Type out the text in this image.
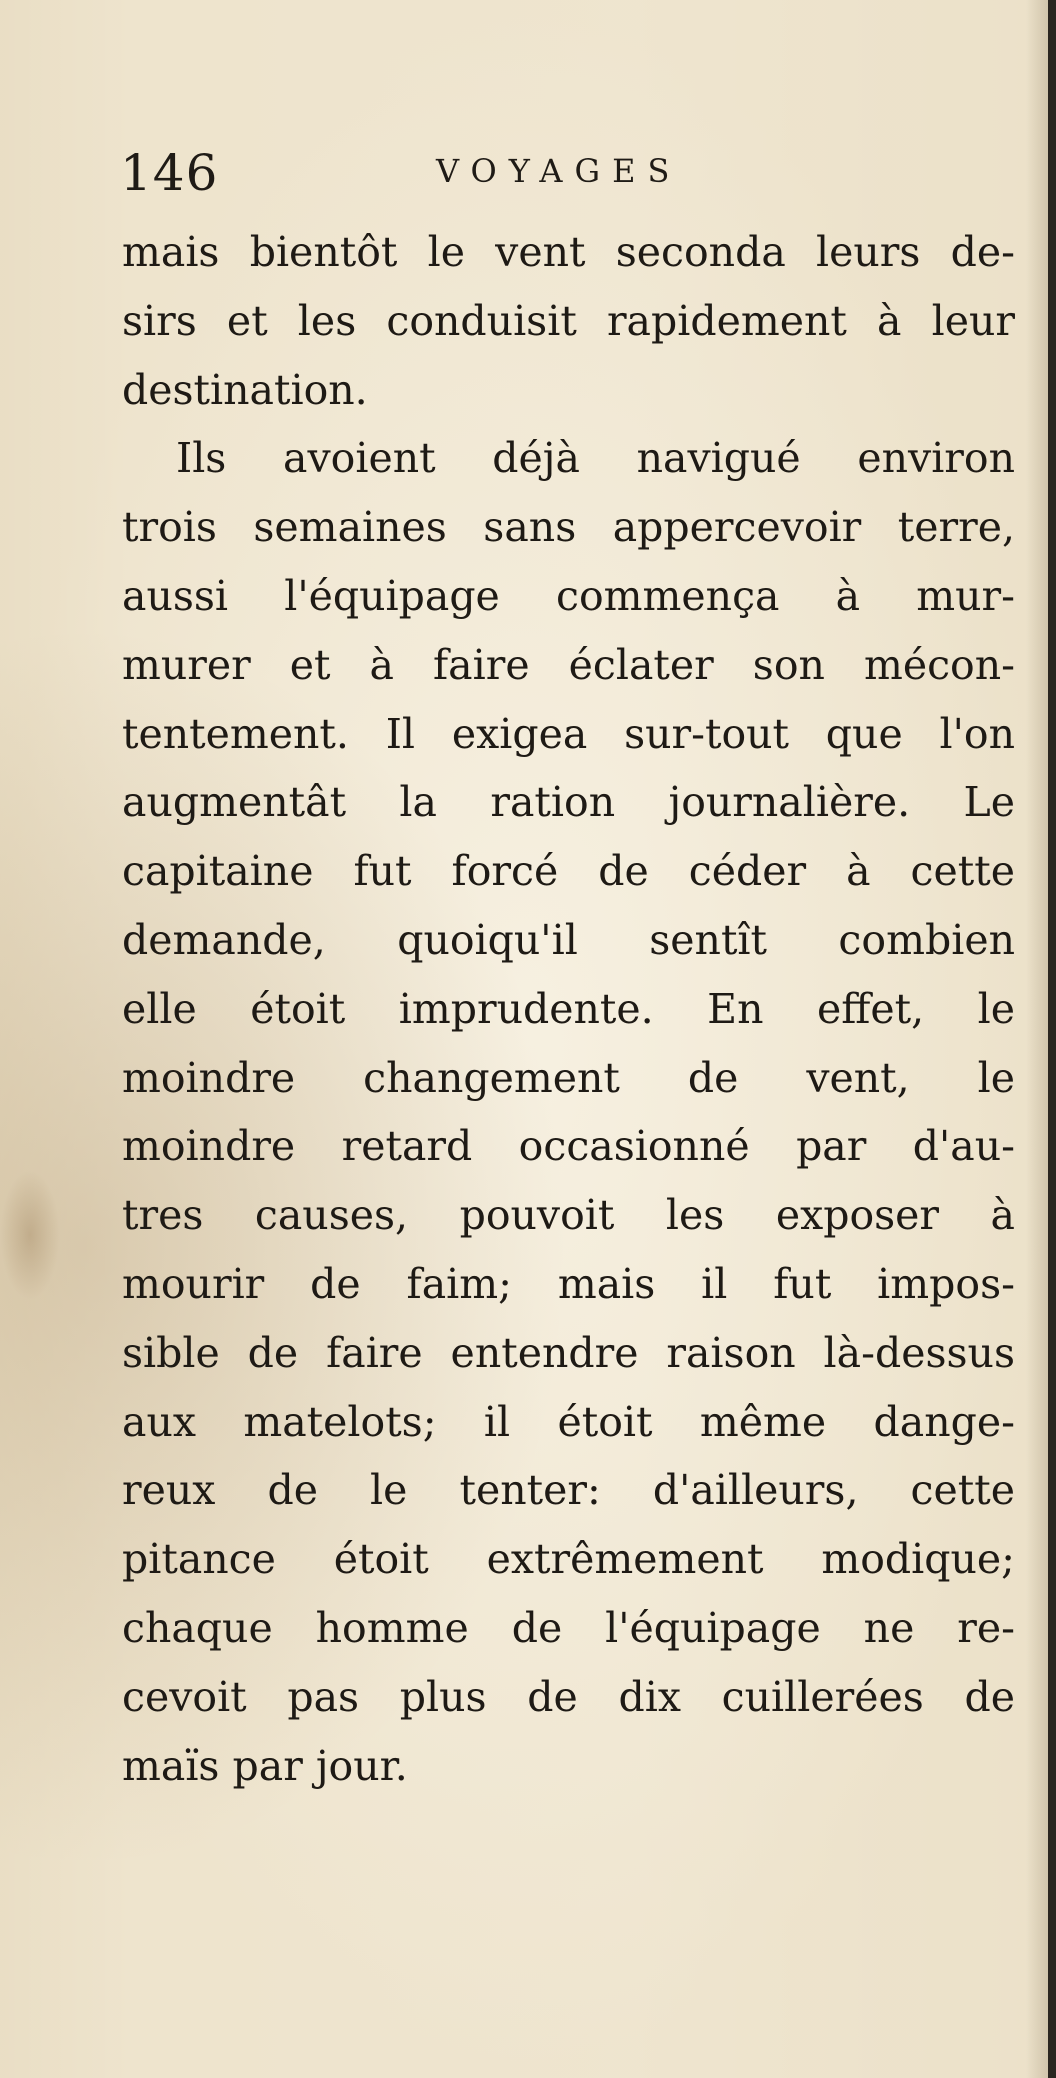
146	VOYAGES
mais bientôt le vent seconda leurs de-
sirs et les conduisit rapidement à leur
destination.
Ils avoient déjà navigué environ
trois semaines sans appercevoir terre,
aussi l'équipage commença à mur-
murer et à faire éclater son mécon-
tentement. Il exigea sur-tout que l'on
augmentât la ration journalière. Le
capitaine fut forcé de céder à cette
demande, quoiqu'il sentît combien
elle étoit imprudente. En effet, le
moindre changement de vent, le
moindre retard occasionné par d'au-
tres causes, pouvoit les exposer à
mourir de faim; mais il fut impos-
sible de faire entendre raison là-dessus
aux matelots; il étoit même dange-
reux de le tenter: d'ailleurs, cette
pitance étoit extrêmement modique;
chaque homme de l'équipage ne re-
cevoit pas plus de dix cuillerées de
maïs par jour.
